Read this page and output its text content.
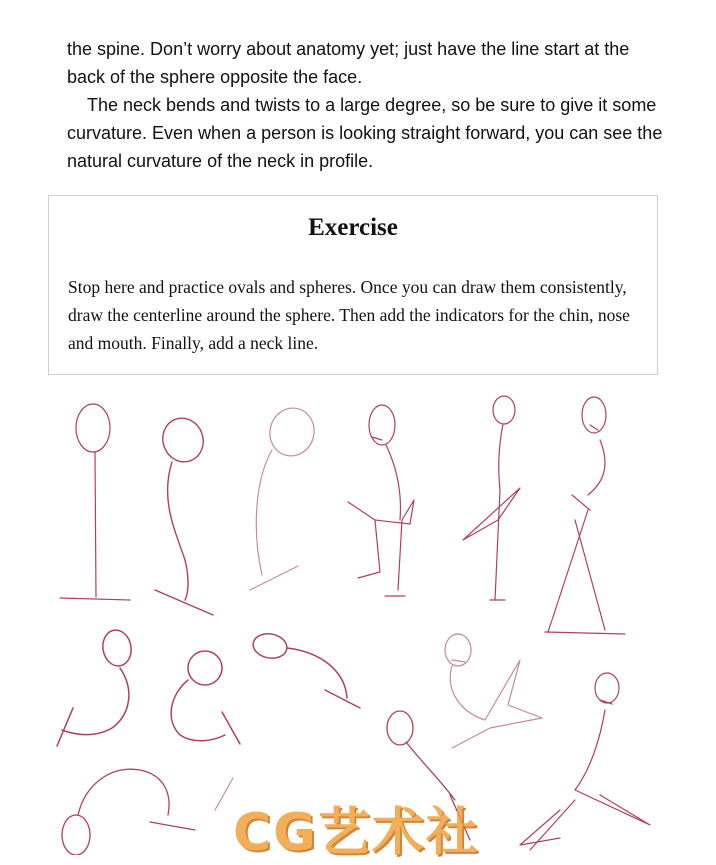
the spine. Don’t worry about anatomy yet; just have the line start at the back of the sphere opposite the face.

The neck bends and twists to a large degree, so be sure to give it some curvature. Even when a person is looking straight forward, you can see the natural curvature of the neck in profile.

Exercise
Stop here and practice ovals and spheres. Once you can draw them consistently, draw the centerline around the sphere. Then add the indicators for the chin, nose and mouth. Finally, add a neck line.
CG艺术社
